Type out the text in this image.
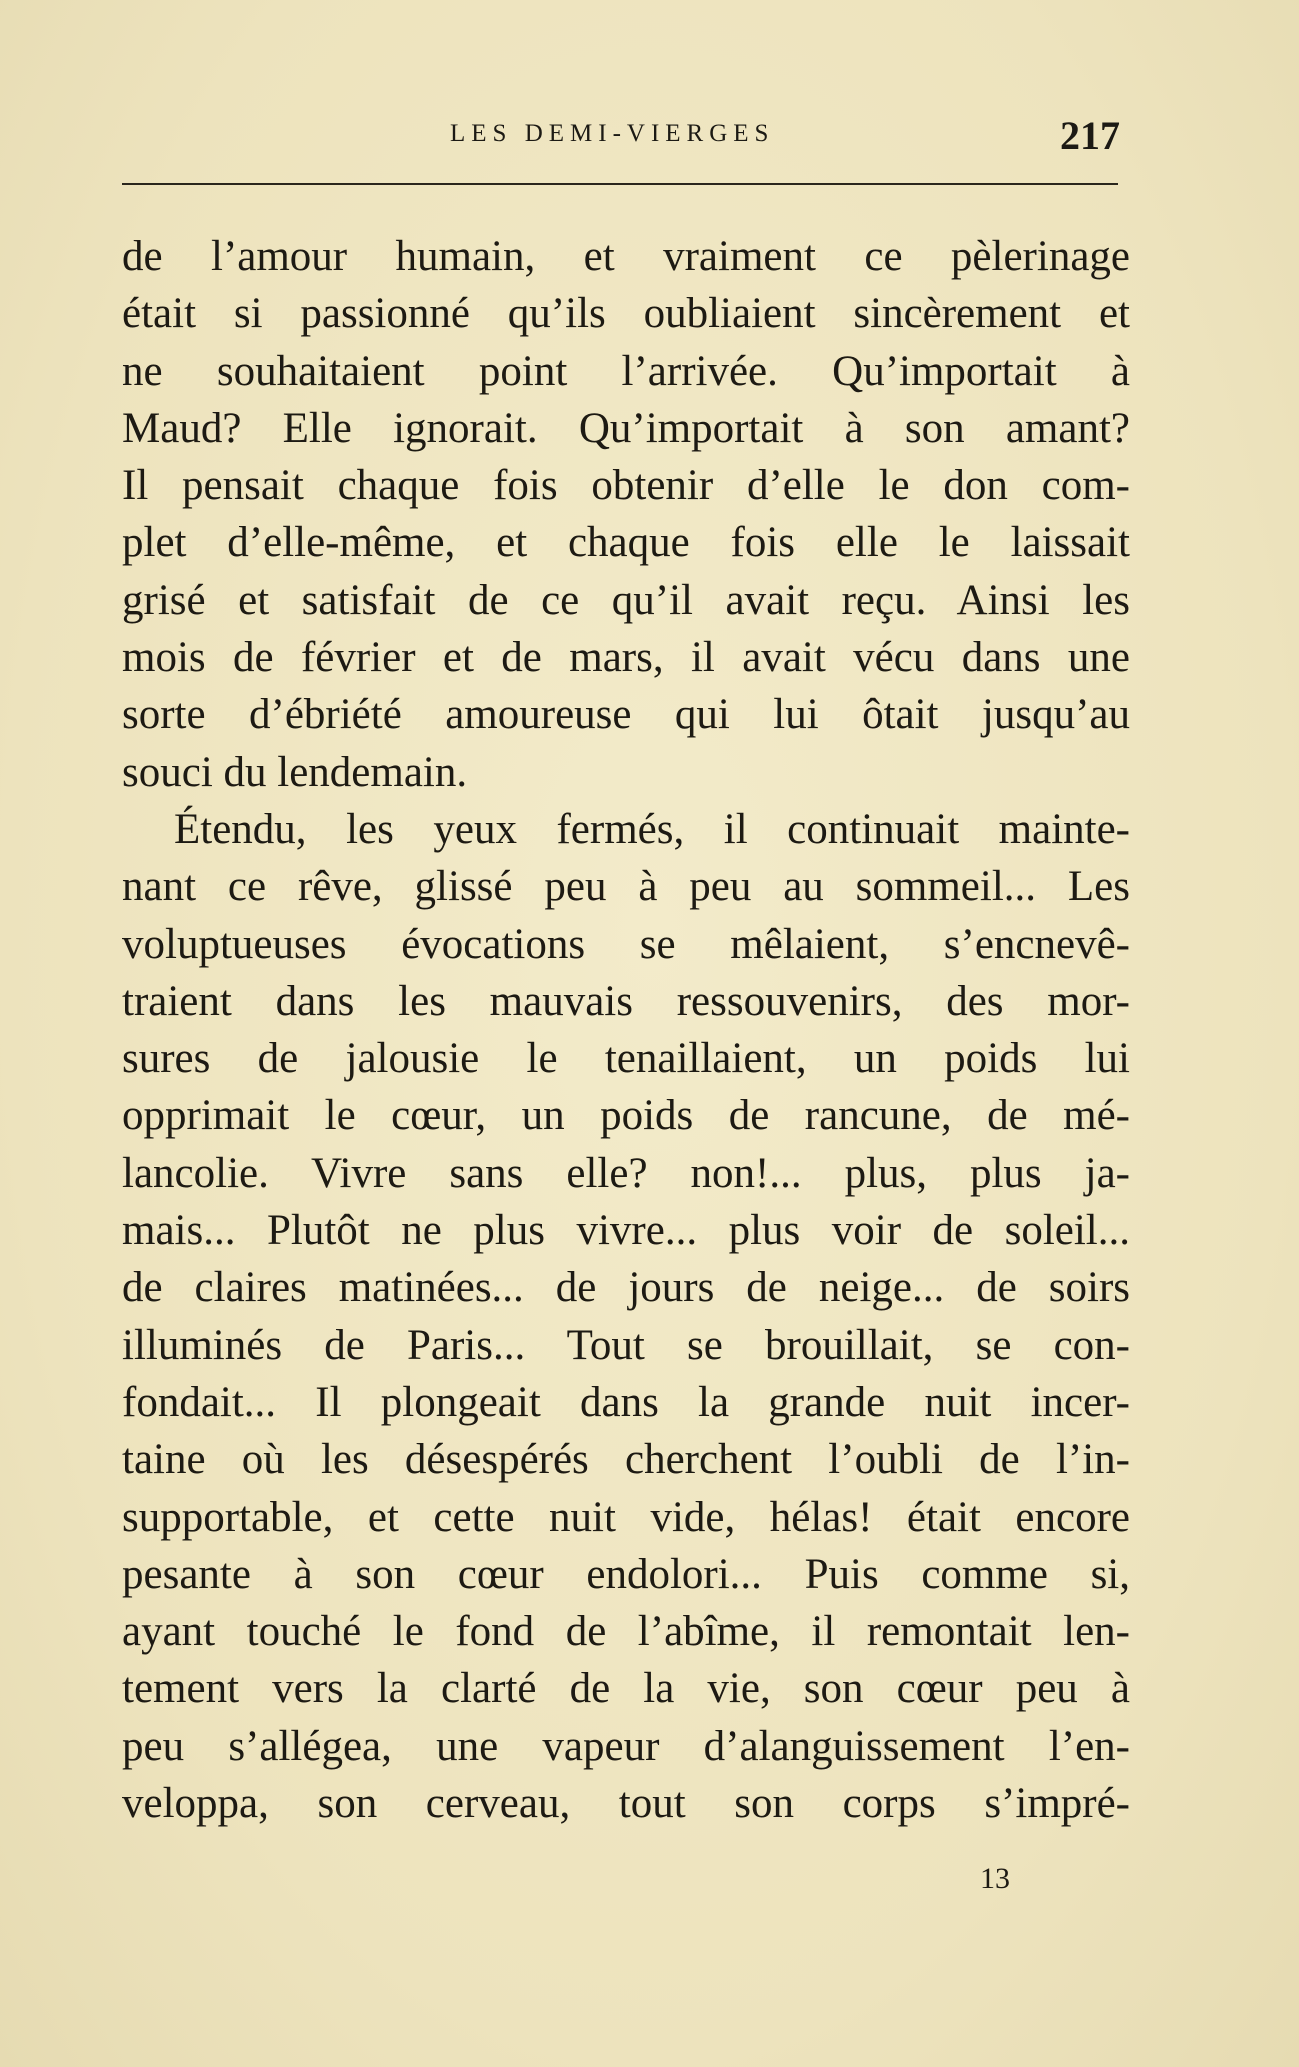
LES DEMI-VIERGES	217
de l’amour humain, et vraiment ce pèlerinage
était si passionné qu’ils oubliaient sincèrement et
ne souhaitaient point l’arrivée. Qu’importait à
Maud? Elle ignorait. Qu’importait à son amant?
Il pensait chaque fois obtenir d’elle le don com-
plet d’elle-même, et chaque fois elle le laissait
grisé et satisfait de ce qu’il avait reçu. Ainsi les
mois de février et de mars, il avait vécu dans une
sorte d’ébriété amoureuse qui lui ôtait jusqu’au
souci du lendemain.
Étendu, les yeux fermés, il continuait mainte-
nant ce rêve, glissé peu à peu au sommeil... Les
voluptueuses évocations se mêlaient, s’encnevê-
traient dans les mauvais ressouvenirs, des mor-
sures de jalousie le tenaillaient, un poids lui
opprimait le cœur, un poids de rancune, de mé-
lancolie. Vivre sans elle? non!... plus, plus ja-
mais... Plutôt ne plus vivre... plus voir de soleil...
de claires matinées... de jours de neige... de soirs
illuminés de Paris... Tout se brouillait, se con-
fondait... Il plongeait dans la grande nuit incer-
taine où les désespérés cherchent l’oubli de l’in-
supportable, et cette nuit vide, hélas! était encore
pesante à son cœur endolori... Puis comme si,
ayant touché le fond de l’abîme, il remontait len-
tement vers la clarté de la vie, son cœur peu à
peu s’allégea, une vapeur d’alanguissement l’en-
veloppa, son cerveau, tout son corps s’impré-
13
